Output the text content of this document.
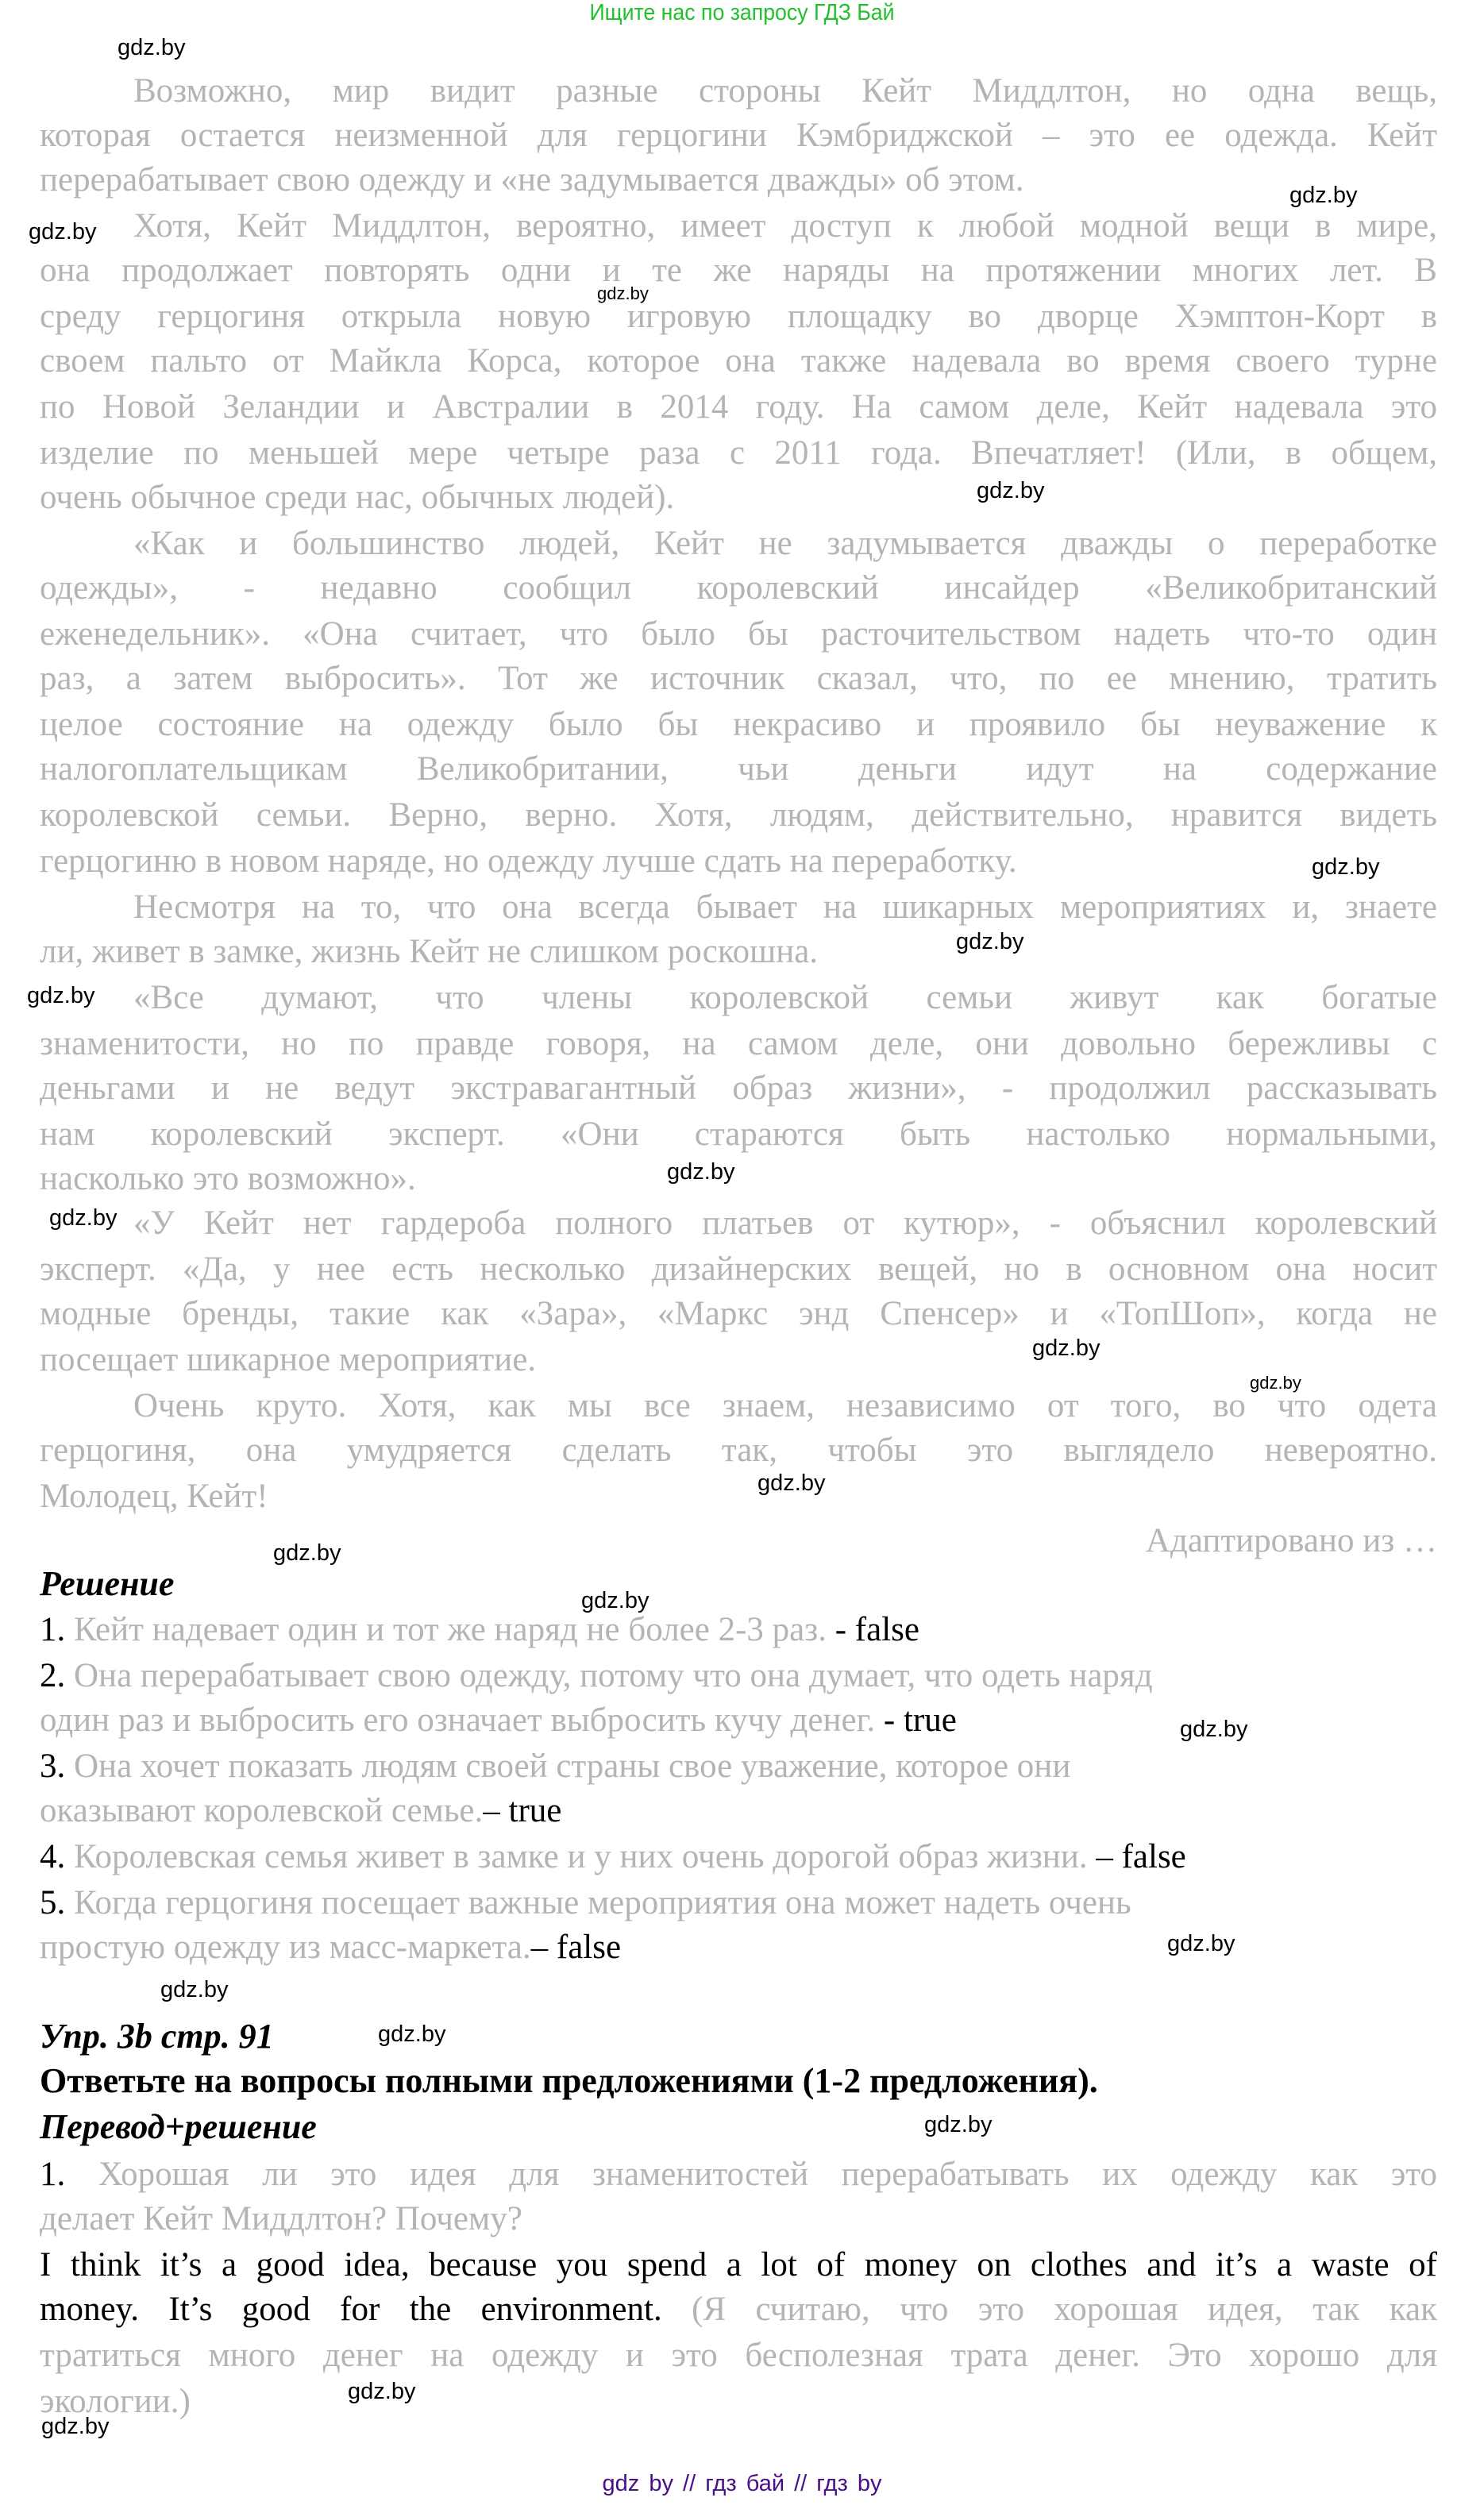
Ищите нас по запросу ГДЗ Бай
Возможно, мир видит разные стороны Кейт Миддлтон, но одна вещь,
которая остается неизменной для герцогини Кэмбриджской – это ее одежда. Кейт
перерабатывает свою одежду и «не задумывается дважды» об этом.
Хотя, Кейт Миддлтон, вероятно, имеет доступ к любой модной вещи в мире,
она продолжает повторять одни и те же наряды на протяжении многих лет. В
среду герцогиня открыла новую игровую площадку во дворце Хэмптон-Корт в
своем пальто от Майкла Корса, которое она также надевала во время своего турне
по Новой Зеландии и Австралии в 2014 году. На самом деле, Кейт надевала это
изделие по меньшей мере четыре раза с 2011 года. Впечатляет! (Или, в общем,
очень обычное среди нас, обычных людей).
«Как и большинство людей, Кейт не задумывается дважды о переработке
одежды», - недавно сообщил королевский инсайдер «Великобританский
еженедельник». «Она считает, что было бы расточительством надеть что-то один
раз, а затем выбросить». Тот же источник сказал, что, по ее мнению, тратить
целое состояние на одежду было бы некрасиво и проявило бы неуважение к
налогоплательщикам Великобритании, чьи деньги идут на содержание
королевской семьи. Верно, верно. Хотя, людям, действительно, нравится видеть
герцогиню в новом наряде, но одежду лучше сдать на переработку.
Несмотря на то, что она всегда бывает на шикарных мероприятиях и, знаете
ли, живет в замке, жизнь Кейт не слишком роскошна.
«Все думают, что члены королевской семьи живут как богатые
знаменитости, но по правде говоря, на самом деле, они довольно бережливы с
деньгами и не ведут экстравагантный образ жизни», - продолжил рассказывать
нам королевский эксперт. «Они стараются быть настолько нормальными,
насколько это возможно».
«У Кейт нет гардероба полного платьев от кутюр», - объяснил королевский
эксперт. «Да, у нее есть несколько дизайнерских вещей, но в основном она носит
модные бренды, такие как «Зара», «Маркс энд Спенсер» и «ТопШоп», когда не
посещает шикарное мероприятие.
Очень круто. Хотя, как мы все знаем, независимо от того, во что одета
герцогиня, она умудряется сделать так, чтобы это выглядело невероятно.
Молодец, Кейт!
Адаптировано из …
Решение
1. Кейт надевает один и тот же наряд не более 2-3 раз. - false
2. Она перерабатывает свою одежду, потому что она думает, что одеть наряд
один раз и выбросить его означает выбросить кучу денег. - true
3. Она хочет показать людям своей страны свое уважение, которое они
оказывают королевской семье.– true
4. Королевская семья живет в замке и у них очень дорогой образ жизни. – false
5. Когда герцогиня посещает важные мероприятия она может надеть очень
простую одежду из масс-маркета.– false
Упр. 3b стр. 91
Ответьте на вопросы полными предложениями (1-2 предложения).
Перевод+решение
1. Хорошая ли это идея для знаменитостей перерабатывать их одежду как это
делает Кейт Миддлтон? Почему?
I think it’s a good idea, because you spend a lot of money on clothes and it’s a waste of
money. It’s good for the environment. (Я считаю, что это хорошая идея, так как
тратиться много денег на одежду и это бесполезная трата денег. Это хорошо для
экологии.)
gdz.by
gdz.by
gdz.by
gdz.by
gdz.by
gdz.by
gdz.by
gdz.by
gdz.by
gdz.by
gdz.by
gdz.by
gdz.by
gdz.by
gdz.by
gdz.by
gdz.by
gdz.by
gdz.by
gdz.by
gdz.by
gdz.by
gdz by // гдз бай // гдз by
